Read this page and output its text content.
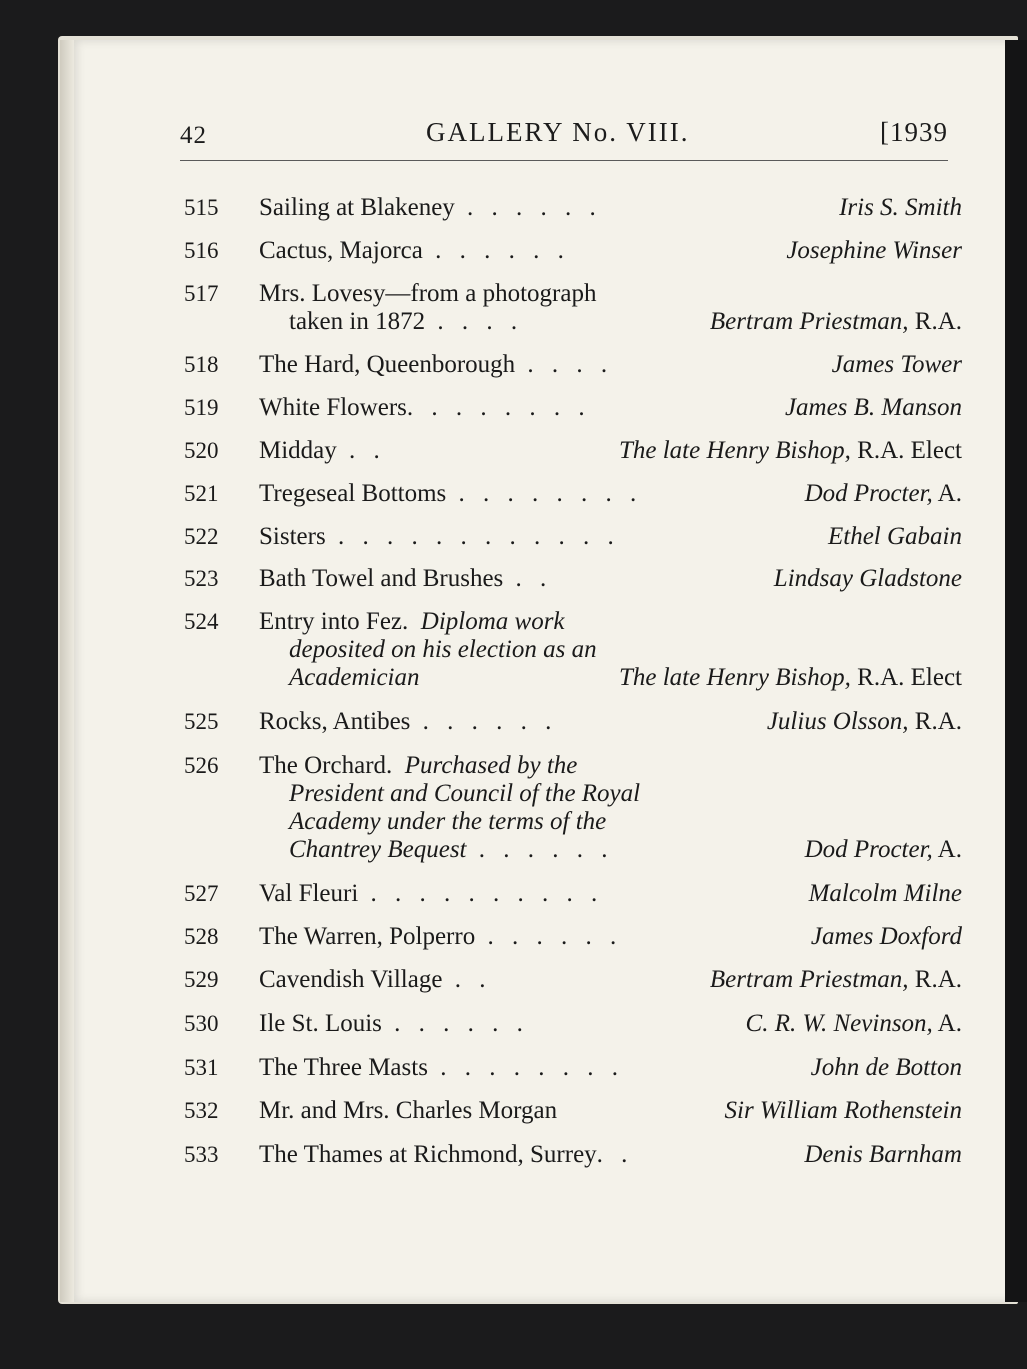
42	GALLERY No. VIII.	[1939
515 Sailing at Blakeney . . . . . .	Iris S. Smith
516 Cactus, Majorca . . . . . .	Josephine Winser
517 Mrs. Lovesy—from a photograph
taken in 1872 . . . .	Bertram Priestman, R.A.
518 The Hard, Queenborough . . . .	James Tower
519 White Flowers. . . . . . . .	James B. Manson
520 Midday . .	The late Henry Bishop, R.A. Elect
521 Tregeseal Bottoms . . . . . . . .	Dod Procter, A.
522 Sisters . . . . . . . . . . . .	Ethel Gabain
523 Bath Towel and Brushes . .	Lindsay Gladstone
524 Entry into Fez. Diploma work
deposited on his election as an
Academician	The late Henry Bishop, R.A. Elect
525 Rocks, Antibes . . . . . .	Julius Olsson, R.A.
526 The Orchard. Purchased by the
President and Council of the Royal
Academy under the terms of the
Chantrey Bequest . . . . . .	Dod Procter, A.
527 Val Fleuri . . . . . . . . . .	Malcolm Milne
528 The Warren, Polperro . . . . . .	James Doxford
529 Cavendish Village . .	Bertram Priestman, R.A.
530 Ile St. Louis . . . . . .	C. R. W. Nevinson, A.
531 The Three Masts . . . . . . . .	John de Botton
532 Mr. and Mrs. Charles Morgan	Sir William Rothenstein
533 The Thames at Richmond, Surrey. .	Denis Barnham
